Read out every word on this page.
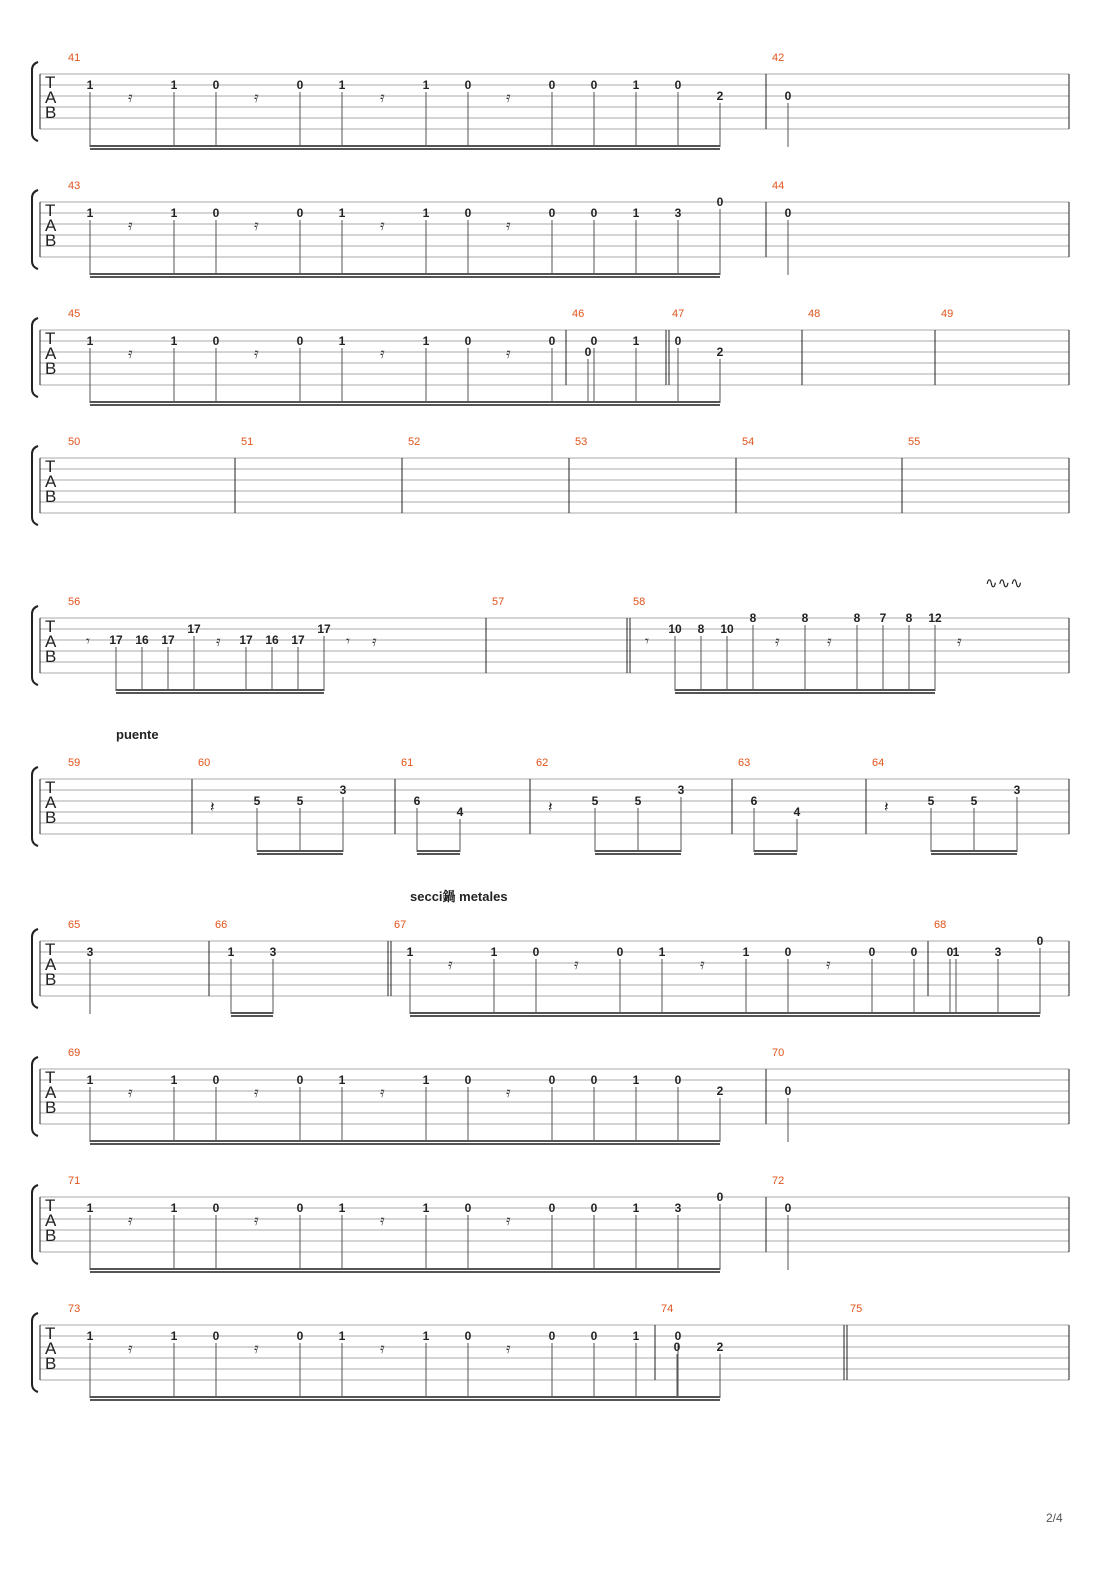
T
A
B
41
1
𝄿
1	0
𝄿
0	1
𝄿
1	0
𝄿
0	0	1	0
2
42
0
T
A
B
43
1
𝄿
1	0
𝄿
0	1
𝄿
1	0
𝄿
0	0	1	3
0
44
0
T
A
B
45
1
𝄿
1	0
𝄿
0	1
𝄿
1	0
𝄿
0	0	1	0
2
46
0
47	48	49
T
A
B
50	51	52	53	54	55
T
A
B
56
𝄾 17 16 17
17
𝄿 17 16 17
17
𝄾 𝄿
57	58
𝄾
10 8 10
8
𝄿
8
𝄿
8 7 8 12
𝄿
T
A
B
59	60
𝄽	5	5
3
61
6
4
62
𝄽	5	5
3
63
6
4
64
𝄽	5	5
3
T
A
B
65
3
66
1	3
67
1
𝄿
1	0
𝄿
0	1
𝄿
1	0
𝄿
0	0	1	3
0
68
0
T
A
B
69
1
𝄿
1	0
𝄿
0	1
𝄿
1	0
𝄿
0	0	1	0
2
70
0
T
A
B
71
1
𝄿
1	0
𝄿
0	1
𝄿
1	0
𝄿
0	0	1	3
0
72
0
T
A
B
73
1
𝄿
1	0
𝄿
0	1
𝄿
1	0
𝄿
0	0	1	0
2
74
0
75
∿∿∿
puente
secci鍋 metales
2/4
